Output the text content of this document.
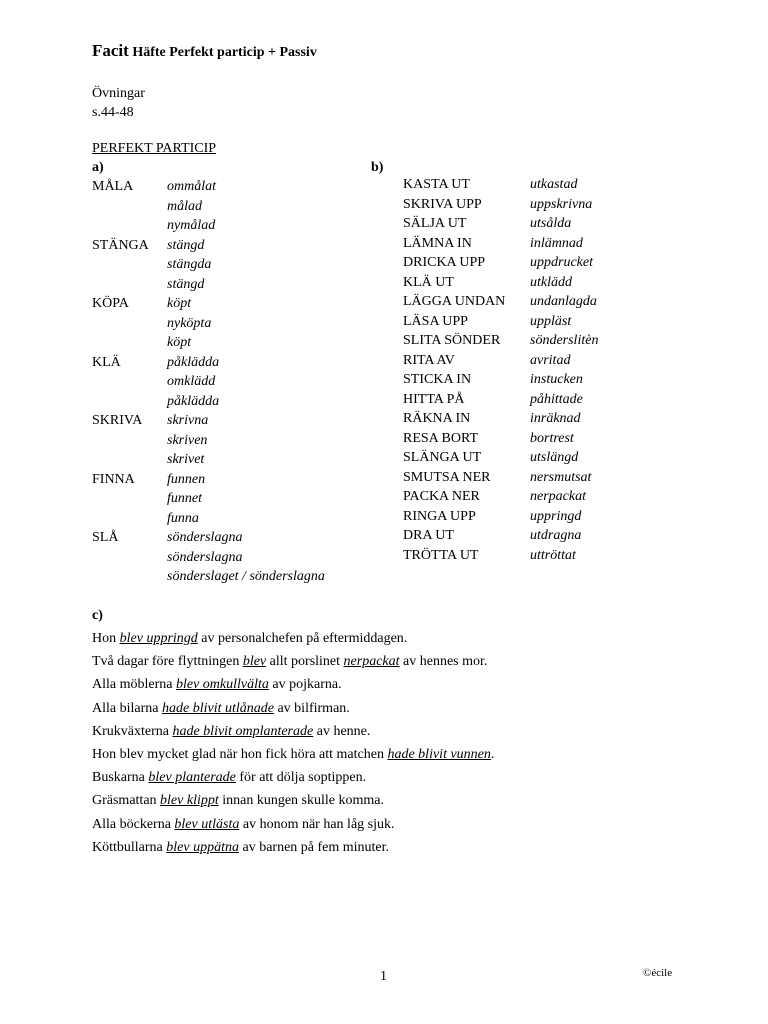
Facit Häfte Perfekt particip + Passiv
Övningar
s.44-48
PERFEKT PARTICIP
a)	b)
MÅLA	ommålat
målad
nymålad
STÄNGA	stängd
stängda
stängd
KÖPA	köpt
nyköpta
köpt
KLÄ	påklädda
omklädd
påklädda
SKRIVA	skrivna
skriven
skrivet
FINNA	funnen
funnet
funna
SLÅ	sönderslagna
sönderslagna
sönderslaget / sönderslagna
KASTA UT	utkastad
SKRIVA UPP	uppskrivna
SÄLJA UT	utsålda
LÄMNA IN	inlämnad
DRICKA UPP	uppdrucket
KLÄ UT	utklädd
LÄGGA UNDAN	undanlagda
LÄSA UPP	uppläst
SLITA SÖNDER	sönderslitèn
RITA AV	avritad
STICKA IN	instucken
HITTA PÅ	påhittade
RÄKNA IN	inräknad
RESA BORT	bortrest
SLÄNGA UT	utslängd
SMUTSA NER	nersmutsat
PACKA NER	nerpackat
RINGA UPP	uppringd
DRA UT	utdragna
TRÖTTA UT	uttröttat
c)
Hon blev uppringd av personalchefen på eftermiddagen.
Två dagar före flyttningen blev allt porslinet nerpackat av hennes mor.
Alla möblerna blev omkullvälta av pojkarna.
Alla bilarna hade blivit utlånade av bilfirman.
Krukväxterna hade blivit omplanterade av henne.
Hon blev mycket glad när hon fick höra att matchen hade blivit vunnen.
Buskarna blev planterade för att dölja soptippen.
Gräsmattan blev klippt innan kungen skulle komma.
Alla böckerna blev utlästa av honom när han låg sjuk.
Köttbullarna blev uppätna av barnen på fem minuter.
1	©écile
